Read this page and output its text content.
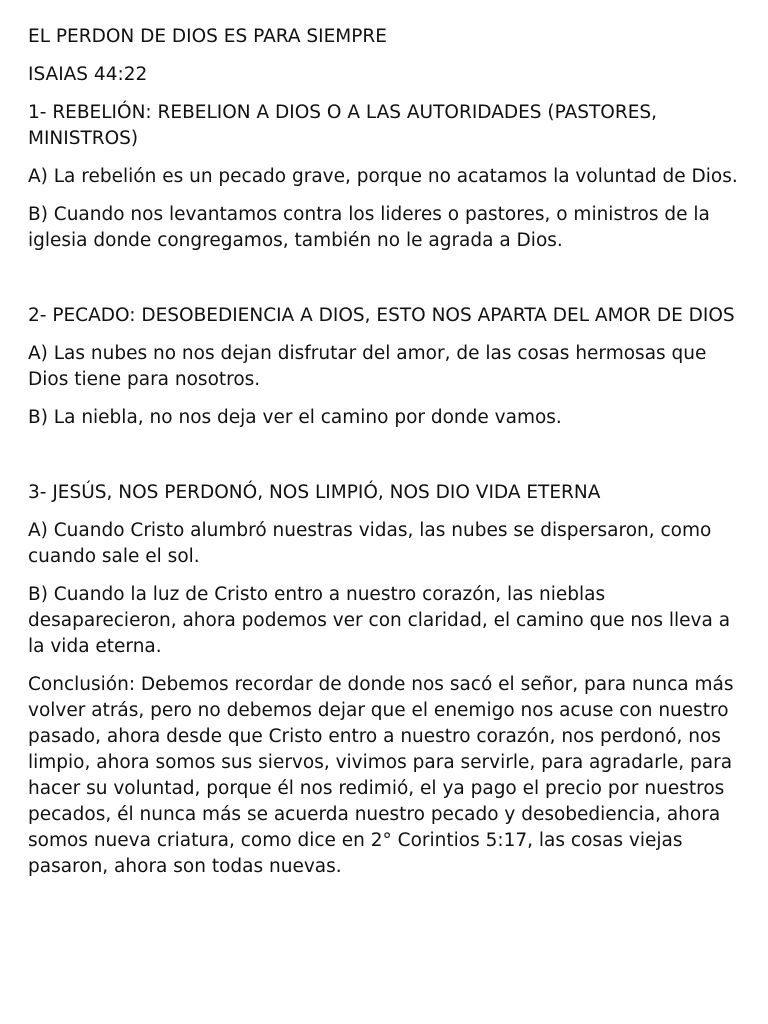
EL PERDON DE DIOS ES PARA SIEMPRE

ISAIAS 44:22

1- REBELIÓN: REBELION A DIOS O A LAS AUTORIDADES (PASTORES, MINISTROS)

A) La rebelión es un pecado grave, porque no acatamos la voluntad de Dios.

B) Cuando nos levantamos contra los lideres o pastores, o ministros de la iglesia donde congregamos, también no le agrada a Dios.

2- PECADO: DESOBEDIENCIA A DIOS, ESTO NOS APARTA DEL AMOR DE DIOS

A) Las nubes no nos dejan disfrutar del amor, de las cosas hermosas que Dios tiene para nosotros.

B) La niebla, no nos deja ver el camino por donde vamos.

3- JESÚS, NOS PERDONÓ, NOS LIMPIÓ, NOS DIO VIDA ETERNA

A) Cuando Cristo alumbró nuestras vidas, las nubes se dispersaron, como cuando sale el sol.

B) Cuando la luz de Cristo entro a nuestro corazón, las nieblas desaparecieron, ahora podemos ver con claridad, el camino que nos lleva a la vida eterna.

Conclusión: Debemos recordar de donde nos sacó el señor, para nunca más volver atrás, pero no debemos dejar que el enemigo nos acuse con nuestro pasado, ahora desde que Cristo entro a nuestro corazón, nos perdonó, nos limpio, ahora somos sus siervos, vivimos para servirle, para agradarle, para hacer su voluntad, porque él nos redimió, el ya pago el precio por nuestros pecados, él nunca más se acuerda nuestro pecado y desobediencia, ahora somos nueva criatura, como dice en 2° Corintios 5:17, las cosas viejas pasaron, ahora son todas nuevas.
